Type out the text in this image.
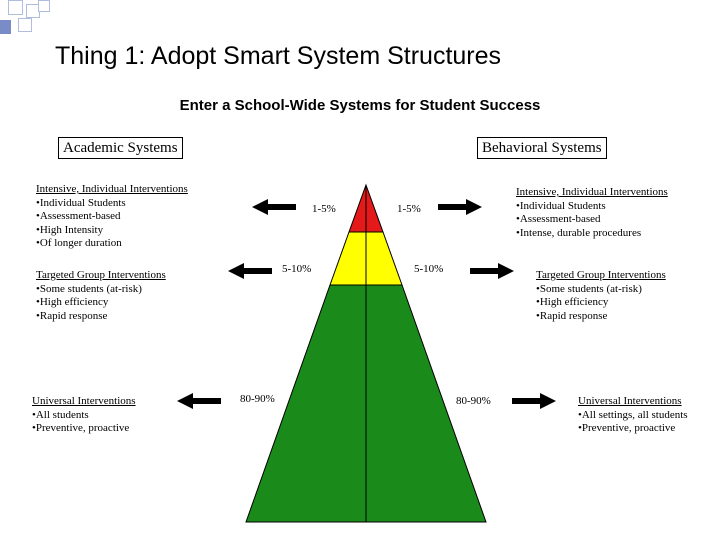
Thing 1: Adopt Smart System Structures
Enter a School-Wide Systems for Student Success
Academic Systems	Behavioral Systems
1-5%	1-5%
5-10%	5-10%
80-90%	80-90%
Intensive, Individual Interventions
•Individual Students
•Assessment-based
•High Intensity
•Of longer duration
Targeted Group Interventions
•Some students (at-risk)
•High efficiency
•Rapid response
Universal Interventions
•All students
•Preventive, proactive
Intensive, Individual Interventions
•Individual Students
•Assessment-based
•Intense, durable procedures
Targeted Group Interventions
•Some students (at-risk)
•High efficiency
•Rapid response
Universal Interventions
•All settings, all students
•Preventive, proactive
